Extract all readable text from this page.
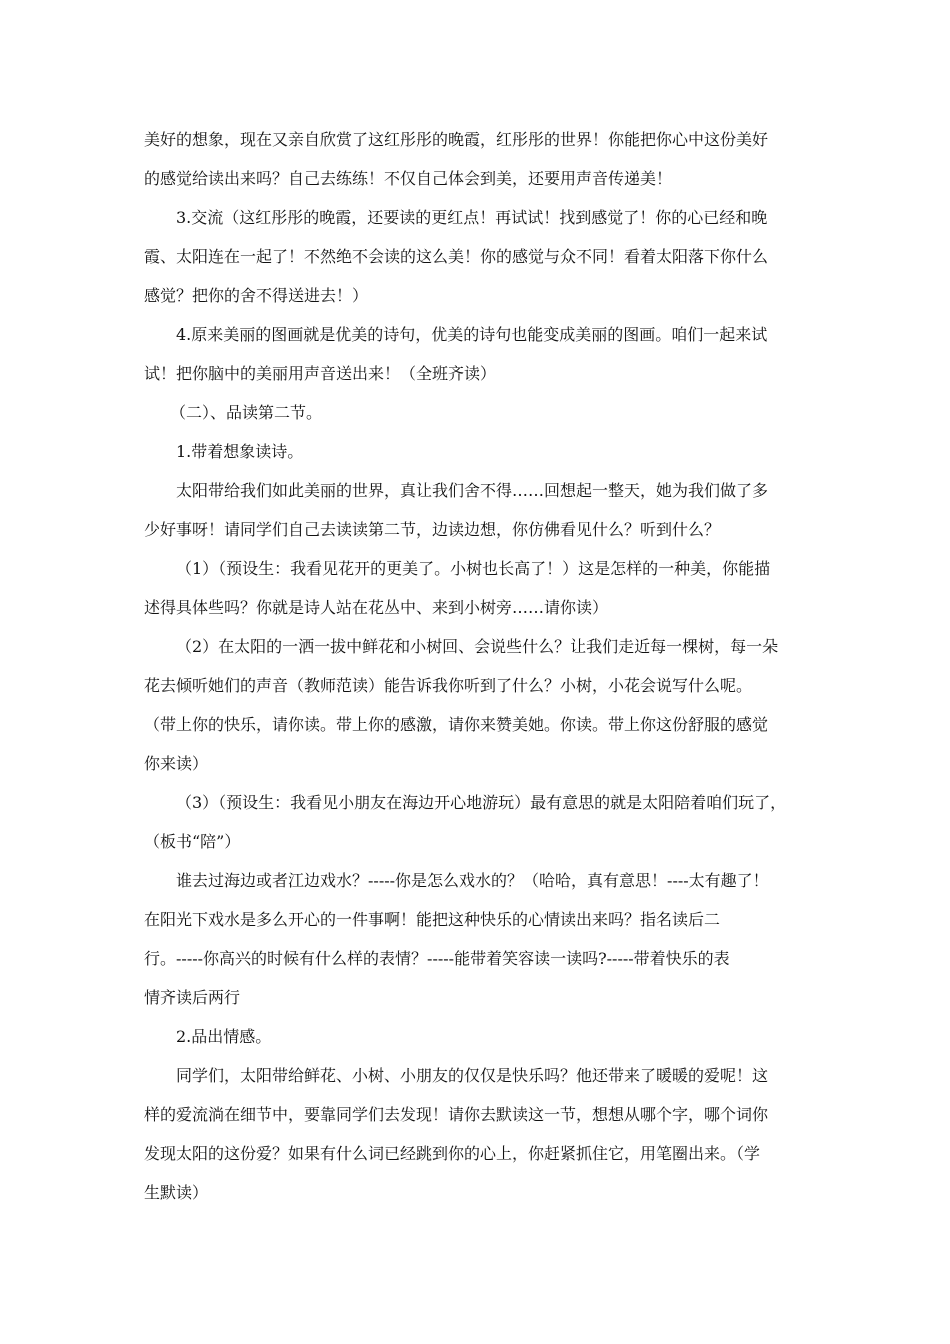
美好的想象，现在又亲自欣赏了这红彤彤的晚霞，红彤彤的世界！你能把你心中这份美好
的感觉给读出来吗？自己去练练！不仅自己体会到美，还要用声音传递美！
3.交流（这红彤彤的晚霞，还要读的更红点！再试试！找到感觉了！你的心已经和晚
霞、太阳连在一起了！不然绝不会读的这么美！你的感觉与众不同！看着太阳落下你什么
感觉？把你的舍不得送进去！）
4.原来美丽的图画就是优美的诗句，优美的诗句也能变成美丽的图画。咱们一起来试
试！把你脑中的美丽用声音送出来！（全班齐读）
（二）、品读第二节。
1.带着想象读诗。
太阳带给我们如此美丽的世界，真让我们舍不得……回想起一整天，她为我们做了多
少好事呀！请同学们自己去读读第二节，边读边想，你仿佛看见什么？听到什么？
（1）（预设生：我看见花开的更美了。小树也长高了！）这是怎样的一种美，你能描
述得具体些吗？你就是诗人站在花丛中、来到小树旁……请你读）
（2）在太阳的一洒一拔中鲜花和小树回、会说些什么？让我们走近每一棵树，每一朵
花去倾听她们的声音（教师范读）能告诉我你听到了什么？小树，小花会说写什么呢。
（带上你的快乐，请你读。带上你的感激，请你来赞美她。你读。带上你这份舒服的感觉
你来读）
（3）（预设生：我看见小朋友在海边开心地游玩）最有意思的就是太阳陪着咱们玩了，
（板书“陪”）
谁去过海边或者江边戏水？-----你是怎么戏水的？（哈哈，真有意思！----太有趣了！
在阳光下戏水是多么开心的一件事啊！能把这种快乐的心情读出来吗？指名读后二
行。-----你高兴的时候有什么样的表情？-----能带着笑容读一读吗?-----带着快乐的表
情齐读后两行
2.品出情感。
同学们，太阳带给鲜花、小树、小朋友的仅仅是快乐吗？他还带来了暖暖的爱呢！这
样的爱流淌在细节中，要靠同学们去发现！请你去默读这一节，想想从哪个字，哪个词你
发现太阳的这份爱？如果有什么词已经跳到你的心上，你赶紧抓住它，用笔圈出来。（学
生默读）
